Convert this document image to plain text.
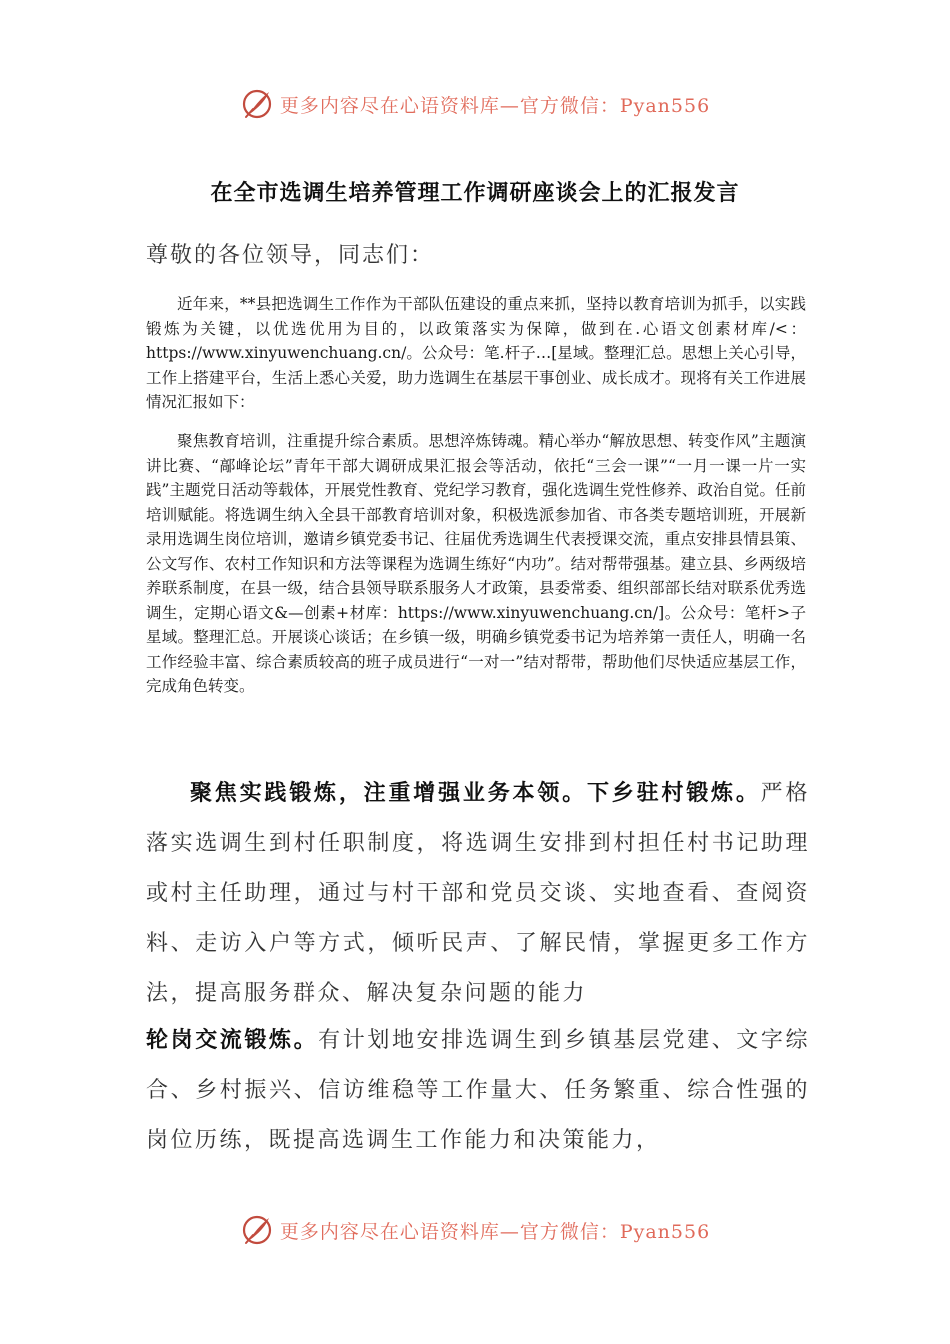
更多内容尽在心语资料库—官方微信：Pyan556
在全市选调生培养管理工作调研座谈会上的汇报发言

尊敬的各位领导，同志们：

近年来，**县把选调生工作作为干部队伍建设的重点来抓，坚持以教育培训为抓手，以实践锻炼为关键，以优选优用为目的，以政策落实为保障，做到在.心语文创素材库/<：https://www.xinyuwenchuang.cn/。公众号：笔.杆子…[星域。整理汇总。思想上关心引导，工作上搭建平台，生活上悉心关爱，助力选调生在基层干事创业、成长成才。现将有关工作进展情况汇报如下：

聚焦教育培训，注重提升综合素质。思想淬炼铸魂。精心举办“解放思想、转变作风”主题演讲比赛、“鄗峰论坛”青年干部大调研成果汇报会等活动，依托“三会一课”“一月一课一片一实践”主题党日活动等载体，开展党性教育、党纪学习教育，强化选调生党性修养、政治自觉。任前培训赋能。将选调生纳入全县干部教育培训对象，积极选派参加省、市各类专题培训班，开展新录用选调生岗位培训，邀请乡镇党委书记、往届优秀选调生代表授课交流，重点安排县情县策、公文写作、农村工作知识和方法等课程为选调生练好“内功”。结对帮带强基。建立县、乡两级培养联系制度，在县一级，结合县领导联系服务人才政策，县委常委、组织部部长结对联系优秀选调生，定期心语文&—创素+材库：https://www.xinyuwenchuang.cn/]。公众号：笔杆>子星域。整理汇总。开展谈心谈话；在乡镇一级，明确乡镇党委书记为培养第一责任人，明确一名工作经验丰富、综合素质较高的班子成员进行“一对一”结对帮带，帮助他们尽快适应基层工作，完成角色转变。

聚焦实践锻炼，注重增强业务本领。下乡驻村锻炼。严格落实选调生到村任职制度，将选调生安排到村担任村书记助理或村主任助理，通过与村干部和党员交谈、实地查看、查阅资料、走访入户等方式，倾听民声、了解民情，掌握更多工作方法，提高服务群众、解决复杂问题的能力

轮岗交流锻炼。有计划地安排选调生到乡镇基层党建、文字综合、乡村振兴、信访维稳等工作量大、任务繁重、综合性强的岗位历练，既提高选调生工作能力和决策能力，

更多内容尽在心语资料库—官方微信：Pyan556
